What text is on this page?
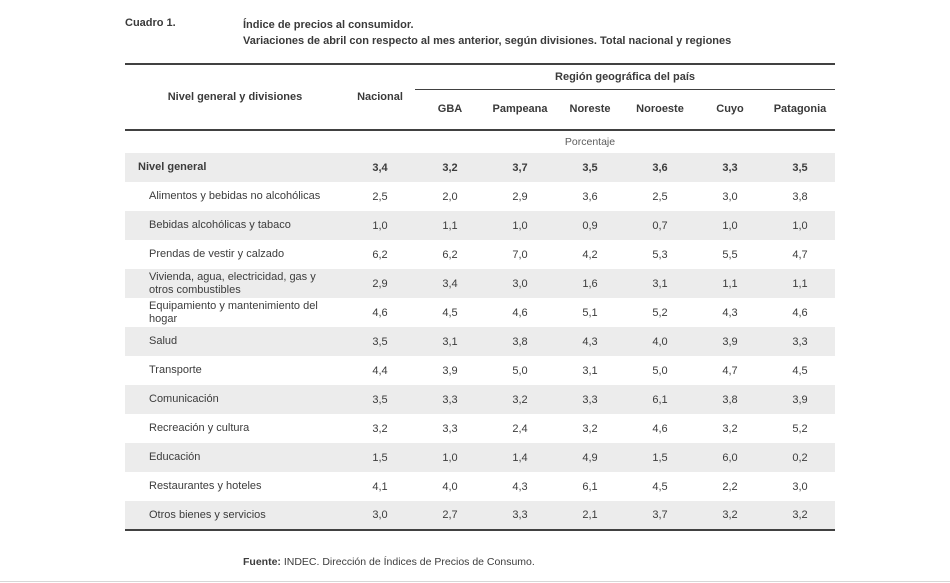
Cuadro 1.	Índice de precios al consumidor.
Variaciones de abril con respecto al mes anterior, según divisiones. Total nacional y regiones
Nivel general y divisiones	Nacional	Región geográfica del país					
		GBA	Pampeana	Noreste	Noroeste	Cuyo	Patagonia
	Porcentaje						
Nivel general	3,4	3,2	3,7	3,5	3,6	3,3	3,5
Alimentos y bebidas no alcohólicas	2,5	2,0	2,9	3,6	2,5	3,0	3,8
Bebidas alcohólicas y tabaco	1,0	1,1	1,0	0,9	0,7	1,0	1,0
Prendas de vestir y calzado	6,2	6,2	7,0	4,2	5,3	5,5	4,7
Vivienda, agua, electricidad, gas y otros combustibles	2,9	3,4	3,0	1,6	3,1	1,1	1,1
Equipamiento y mantenimiento del hogar	4,6	4,5	4,6	5,1	5,2	4,3	4,6
Salud	3,5	3,1	3,8	4,3	4,0	3,9	3,3
Transporte	4,4	3,9	5,0	3,1	5,0	4,7	4,5
Comunicación	3,5	3,3	3,2	3,3	6,1	3,8	3,9
Recreación y cultura	3,2	3,3	2,4	3,2	4,6	3,2	5,2
Educación	1,5	1,0	1,4	4,9	1,5	6,0	0,2
Restaurantes y hoteles	4,1	4,0	4,3	6,1	4,5	2,2	3,0
Otros bienes y servicios	3,0	2,7	3,3	2,1	3,7	3,2	3,2
Fuente: INDEC. Dirección de Índices de Precios de Consumo.
